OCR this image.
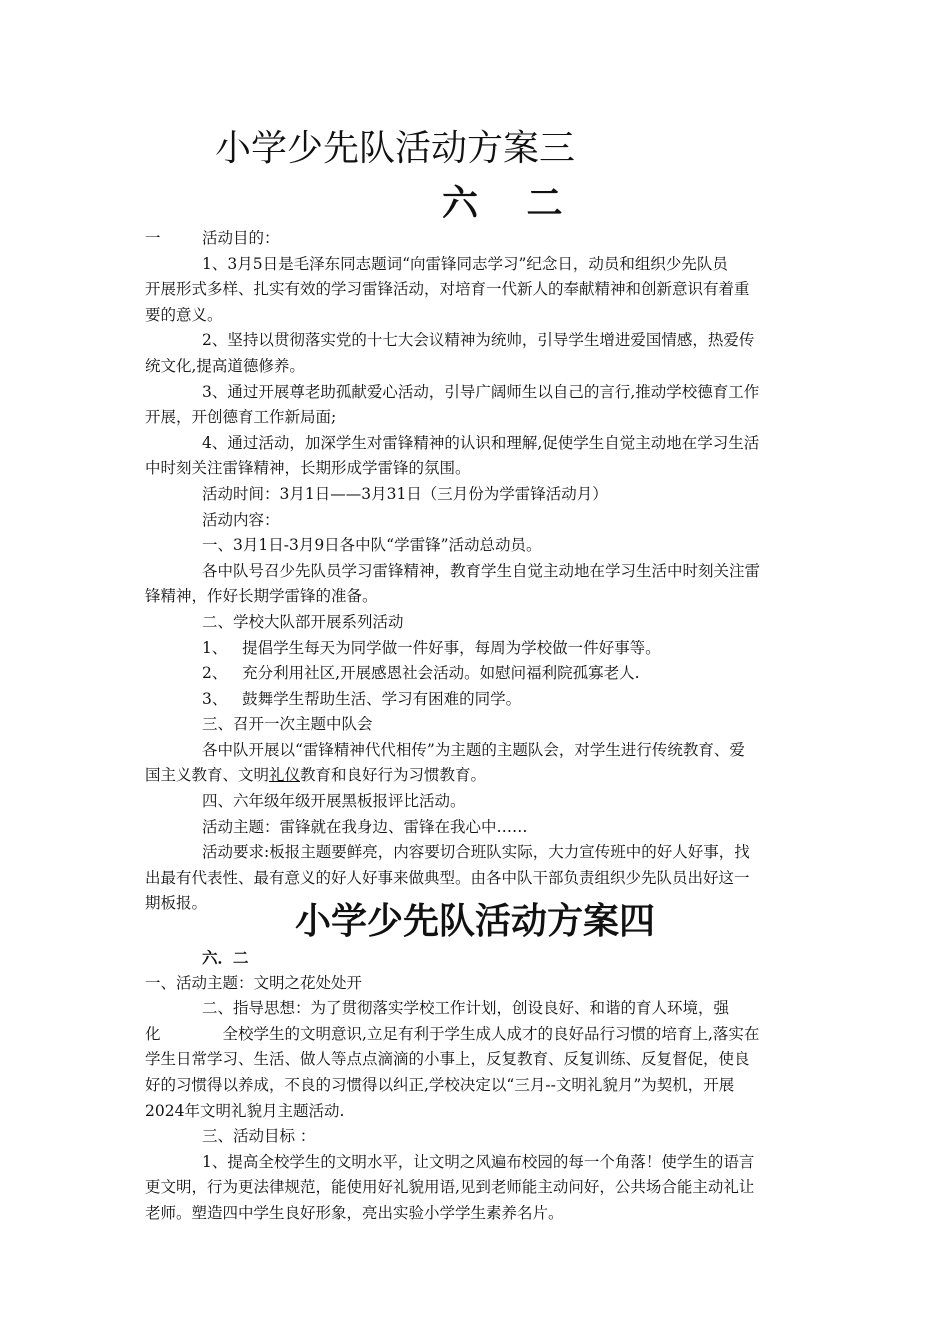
小学少先队活动方案三
六 二
一	活动目的：
1、3月5日是毛泽东同志题词“向雷锋同志学习”纪念日，动员和组织少先队员
开展形式多样、扎实有效的学习雷锋活动，对培育一代新人的奉献精神和创新意识有着重
要的意义。
2、坚持以贯彻落实党的十七大会议精神为统帅，引导学生增进爱国情感，热爱传
统文化,提高道德修养。
3、通过开展尊老助孤献爱心活动，引导广阔师生以自己的言行,推动学校德育工作
开展，开创德育工作新局面;
4、通过活动，加深学生对雷锋精神的认识和理解,促使学生自觉主动地在学习生活
中时刻关注雷锋精神，长期形成学雷锋的氛围。
活动时间：3月1日——3月31日（三月份为学雷锋活动月）
活动内容：
一、3月1日-3月9日各中队“学雷锋”活动总动员。
各中队号召少先队员学习雷锋精神，教育学生自觉主动地在学习生活中时刻关注雷
锋精神，作好长期学雷锋的准备。
二、学校大队部开展系列活动
1、 提倡学生每天为同学做一件好事，每周为学校做一件好事等。
2、 充分利用社区,开展感恩社会活动。如慰问福利院孤寡老人.
3、 鼓舞学生帮助生活、学习有困难的同学。
三、召开一次主题中队会
各中队开展以“雷锋精神代代相传”为主题的主题队会，对学生进行传统教育、爱
国主义教育、文明礼仪教育和良好行为习惯教育。
四、六年级年级开展黑板报评比活动。
活动主题：雷锋就在我身边、雷锋在我心中……
活动要求:板报主题要鲜亮，内容要切合班队实际，大力宣传班中的好人好事，找
出最有代表性、最有意义的好人好事来做典型。由各中队干部负责组织少先队员出好这一
期板报。	小学少先队活动方案四
六．二
一、活动主题：文明之花处处开
二、指导思想：为了贯彻落实学校工作计划，创设良好、和谐的育人环境，强
化	全校学生的文明意识,立足有利于学生成人成才的良好品行习惯的培育上,落实在
学生日常学习、生活、做人等点点滴滴的小事上，反复教育、反复训练、反复督促，使良
好的习惯得以养成，不良的习惯得以纠正,学校决定以“三月--文明礼貌月”为契机，开展
2024年文明礼貌月主题活动.
三、活动目标 ：
1、提高全校学生的文明水平，让文明之风遍布校园的每一个角落！使学生的语言
更文明，行为更法律规范，能使用好礼貌用语,见到老师能主动问好，公共场合能主动礼让
老师。塑造四中学生良好形象，亮出实验小学学生素养名片。
